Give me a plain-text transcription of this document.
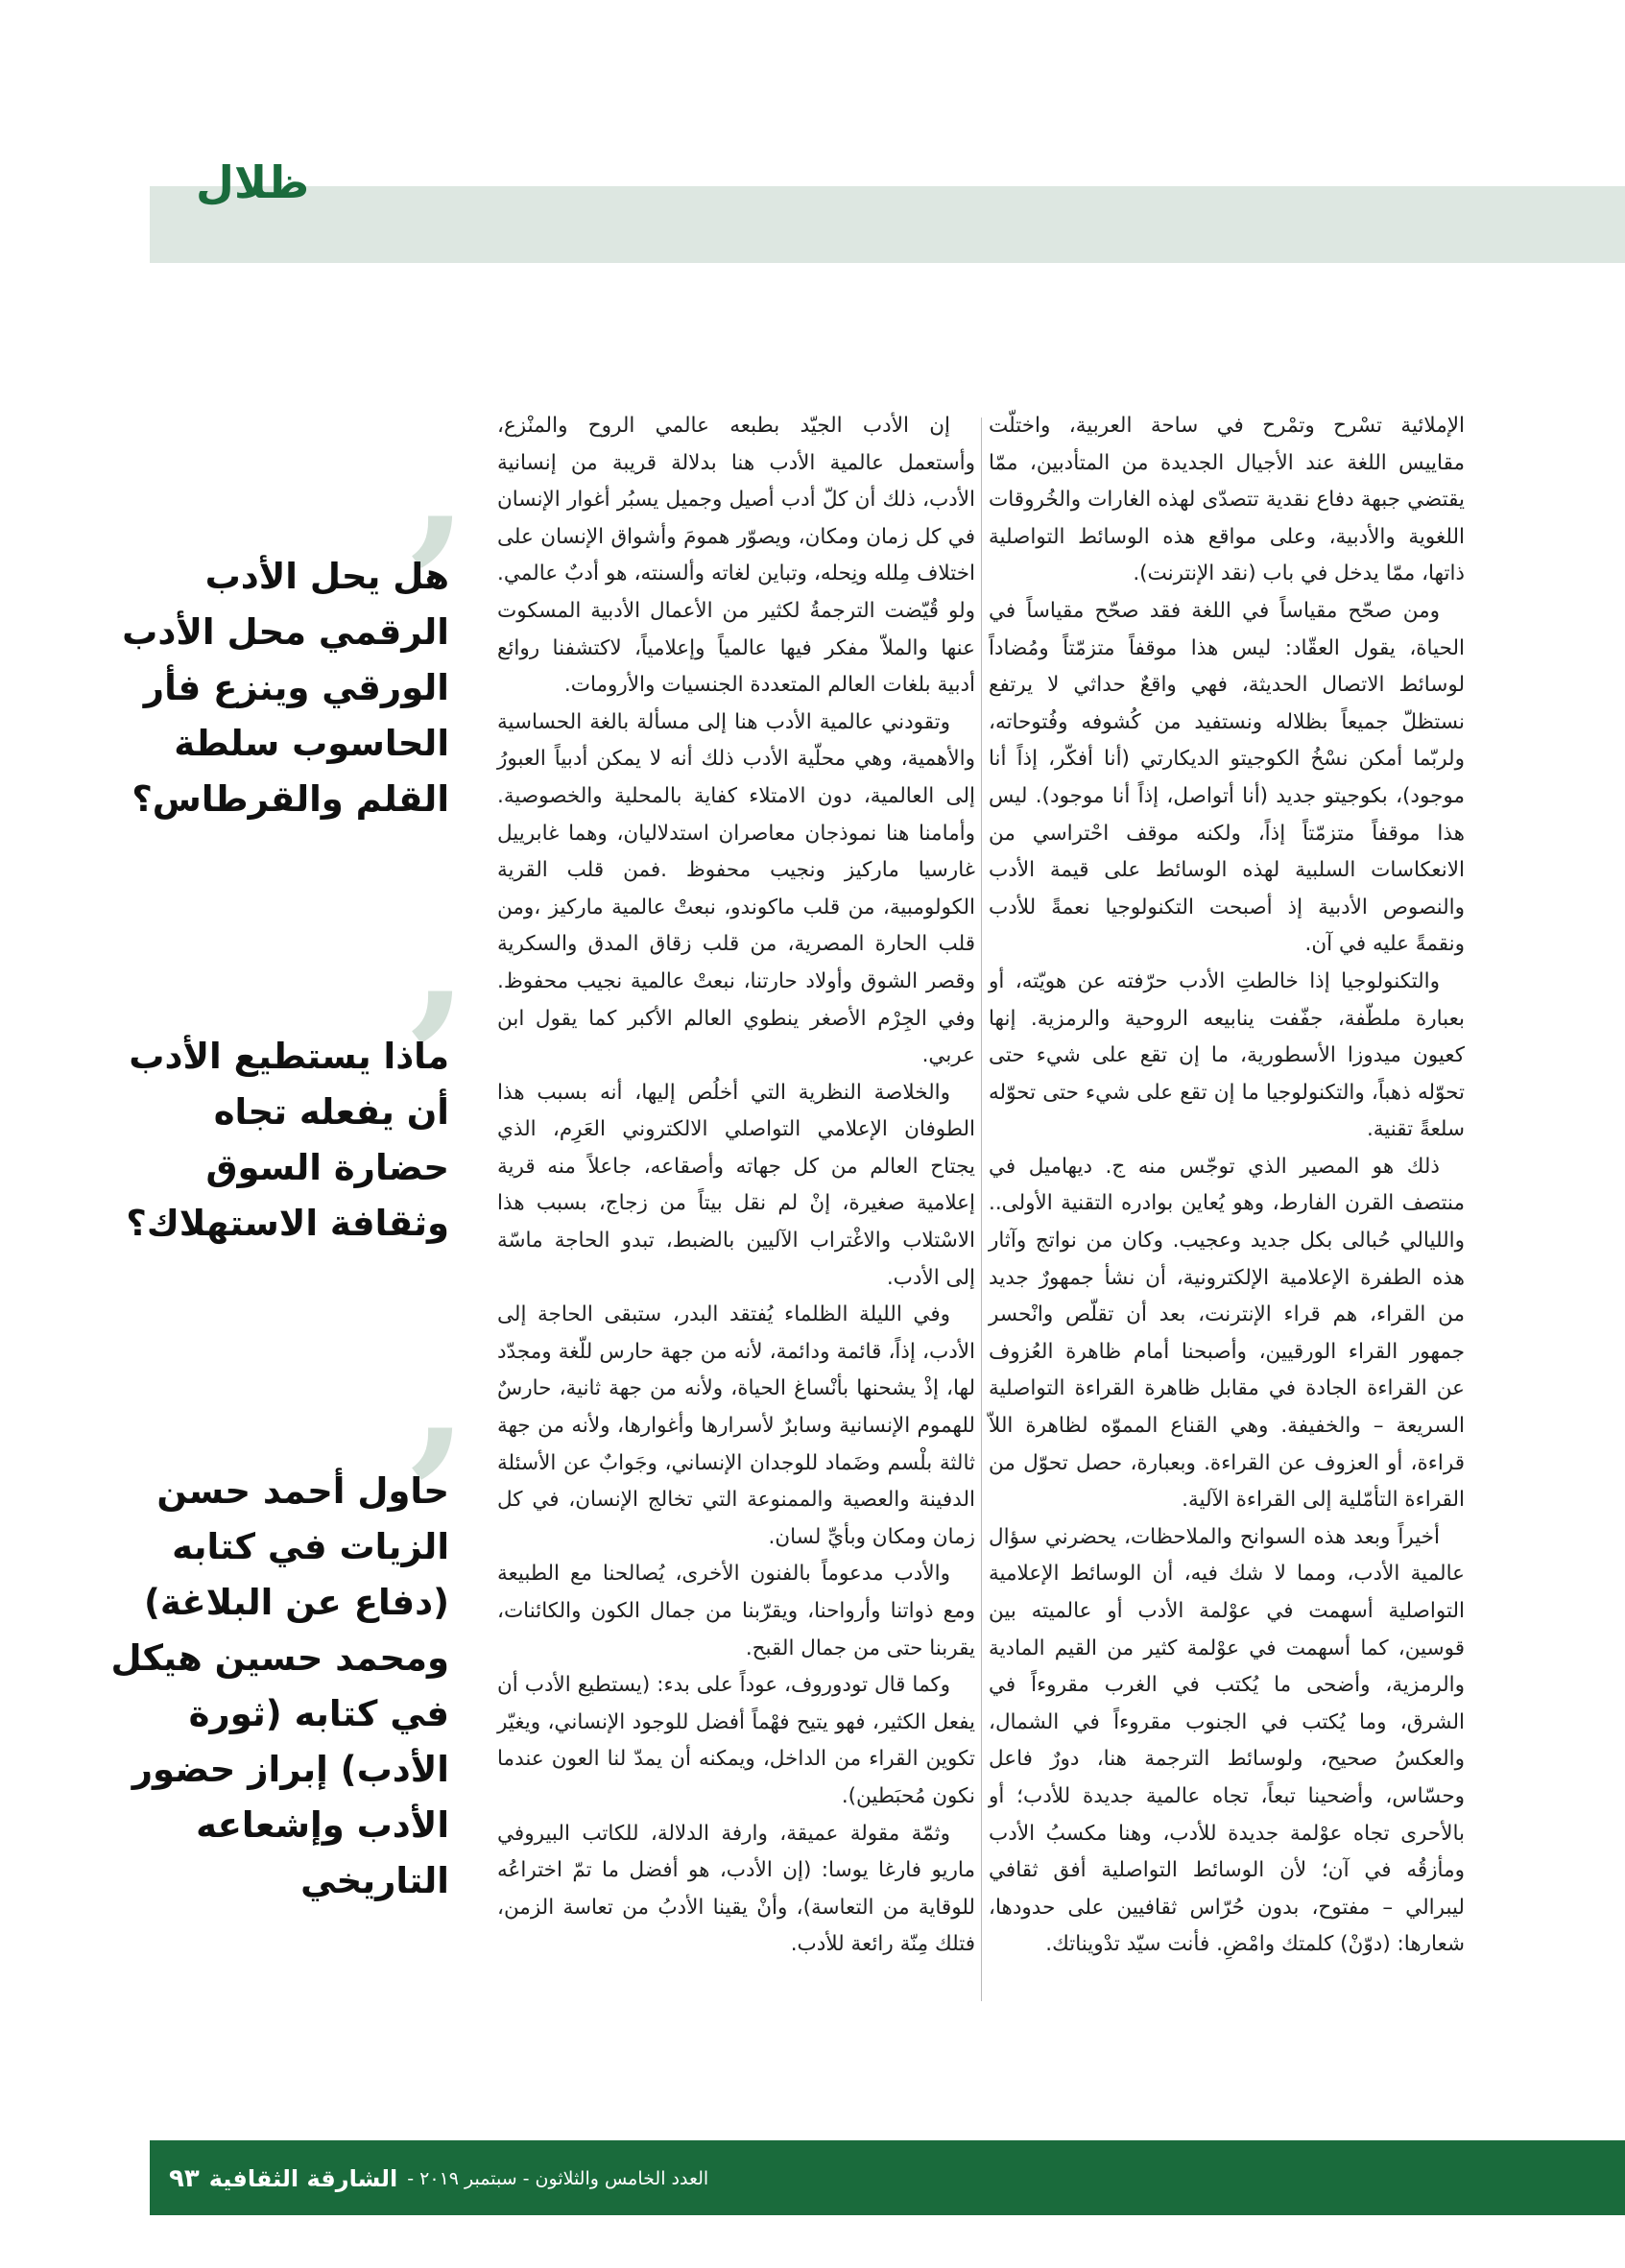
ظلال

الإملائية تسْرح وتمْرح في ساحة العربية، واختلّت مقاييس اللغة عند الأجيال الجديدة من المتأدبين، ممّا يقتضي جبهة دفاع نقدية تتصدّى لهذه الغارات والخُروقات اللغوية والأدبية، وعلى مواقع هذه الوسائط التواصلية ذاتها، ممّا يدخل في باب (نقد الإنترنت).

ومن صحّح مقياساً في اللغة فقد صحّح مقياساً في الحياة، يقول العقّاد: ليس هذا موقفاً متزمّتاً ومُضاداً لوسائط الاتصال الحديثة، فهي واقعٌ حداثي لا يرتفع نستظلّ جميعاً بظلاله ونستفيد من كُشوفه وفُتوحاته، ولربّما أمكن نسْخُ الكوجيتو الديكارتي (أنا أفكّر، إذاً أنا موجود)، بكوجيتو جديد (أنا أتواصل، إذاً أنا موجود). ليس هذا موقفاً متزمّتاً إذاً، ولكنه موقف احْتراسي من الانعكاسات السلبية لهذه الوسائط على قيمة الأدب والنصوص الأدبية إذ أصبحت التكنولوجيا نعمةً للأدب ونقمةً عليه في آن.

والتكنولوجيا إذا خالطتِ الأدب حرّفته عن هويّته، أو بعبارة ملطّفة، جفّفت ينابيعه الروحية والرمزية. إنها كعيون ميدوزا الأسطورية، ما إن تقع على شيء حتى تحوّله ذهباً، والتكنولوجيا ما إن تقع على شيء حتى تحوّله سلعةً تقنية.

ذلك هو المصير الذي توجّس منه ج. ديهاميل في منتصف القرن الفارط، وهو يُعاين بوادره التقنية الأولى.. والليالي حُبالى بكل جديد وعجيب. وكان من نواتج وآثار هذه الطفرة الإعلامية الإلكترونية، أن نشأ جمهورٌ جديد من القراء، هم قراء الإنترنت، بعد أن تقلّص وانْحسر جمهور القراء الورقيين، وأصبحنا أمام ظاهرة العُزوف عن القراءة الجادة في مقابل ظاهرة القراءة التواصلية السريعة – والخفيفة. وهي القناع المموّه لظاهرة اللاّ قراءة، أو العزوف عن القراءة. وبعبارة، حصل تحوّل من القراءة التأمّلية إلى القراءة الآلية.

أخيراً وبعد هذه السوانح والملاحظات، يحضرني سؤال عالمية الأدب، ومما لا شك فيه، أن الوسائط الإعلامية التواصلية أسهمت في عوْلمة الأدب أو عالميته بين قوسين، كما أسهمت في عوْلمة كثير من القيم المادية والرمزية، وأضحى ما يُكتب في الغرب مقروءاً في الشرق، وما يُكتب في الجنوب مقروءاً في الشمال، والعكسُ صحيح، ولوسائط الترجمة هنا، دورٌ فاعل وحسّاس، وأضحينا تبعاً، تجاه عالمية جديدة للأدب؛ أو بالأحرى تجاه عوْلمة جديدة للأدب، وهنا مكسبُ الأدب ومأزقُه في آن؛ لأن الوسائط التواصلية أفق ثقافي ليبرالي – مفتوح، بدون حُرّاس ثقافيين على حدودها، شعارها: (دوّنْ) كلمتك وامْضِ. فأنت سيّد تدْويناتك.

إن الأدب الجيّد بطبعه عالمي الروح والمنْزع، وأستعمل عالمية الأدب هنا بدلالة قريبة من إنسانية الأدب، ذلك أن كلّ أدب أصيل وجميل يسبُر أغوار الإنسان في كل زمان ومكان، ويصوّر همومَ وأشواق الإنسان على اختلاف مِلله ونِحله، وتباين لغاته وألسنته، هو أدبٌ عالمي. ولو قُيّضت الترجمةُ لكثير من الأعمال الأدبية المسكوت عنها والملاّ مفكر فيها عالمياً وإعلامياً، لاكتشفنا روائع أدبية بلغات العالم المتعددة الجنسيات والأرومات.

وتقودني عالمية الأدب هنا إلى مسألة بالغة الحساسية والأهمية، وهي محلّية الأدب ذلك أنه لا يمكن أدبياً العبورُ إلى العالمية، دون الامتلاء كفاية بالمحلية والخصوصية. وأمامنا هنا نموذجان معاصران استدلاليان، وهما غابرييل غارسيا ماركيز ونجيب محفوظ .فمن قلب القرية الكولومبية، من قلب ماكوندو، نبعتْ عالمية ماركيز ،ومن قلب الحارة المصرية، من قلب زقاق المدق والسكرية وقصر الشوق وأولاد حارتنا، نبعتْ عالمية نجيب محفوظ. وفي الجِرْم الأصغر ينطوي العالم الأكبر كما يقول ابن عربي.

والخلاصة النظرية التي أخلُص إليها، أنه بسبب هذا الطوفان الإعلامي التواصلي الالكتروني العَرِم، الذي يجتاح العالم من كل جهاته وأصقاعه، جاعلاً منه قرية إعلامية صغيرة، إنْ لم نقل بيتاً من زجاج، بسبب هذا الاسْتلاب والاغْتراب الآليين بالضبط، تبدو الحاجة ماسّة إلى الأدب.

وفي الليلة الظلماء يُفتقد البدر، ستبقى الحاجة إلى الأدب، إذاً، قائمة ودائمة، لأنه من جهة حارس للّغة ومجدّد لها، إذْ يشحنها بأنْساغ الحياة، ولأنه من جهة ثانية، حارسٌ للهموم الإنسانية وسابرٌ لأسرارها وأغوارها، ولأنه من جهة ثالثة بلْسم وضَماد للوجدان الإنساني، وجَوابٌ عن الأسئلة الدفينة والعصية والممنوعة التي تخالج الإنسان، في كل زمان ومكان وبأيِّ لسان.

والأدب مدعوماً بالفنون الأخرى، يُصالحنا مع الطبيعة ومع ذواتنا وأرواحنا، ويقرّبنا من جمال الكون والكائنات، يقربنا حتى من جمال القبح.

وكما قال تودوروف، عوداً على بدء: (يستطيع الأدب أن يفعل الكثير، فهو يتيح فهْماً أفضل للوجود الإنساني، ويغيّر تكوين القراء من الداخل، ويمكنه أن يمدّ لنا العون عندما نكون مُحبَطين).

وثمّة مقولة عميقة، وارفة الدلالة، للكاتب البيروفي ماريو فارغا يوسا: (إن الأدب، هو أفضل ما تمّ اختراعُه للوقاية من التعاسة)، وأنْ يقينا الأدبُ من تعاسة الزمن، فتلك مِنّة رائعة للأدب.

’
هل يحل الأدب الرقمي محل الأدب الورقي وينزع فأر الحاسوب سلطة القلم والقرطاس؟
’
ماذا يستطيع الأدب أن يفعله تجاه حضارة السوق وثقافة الاستهلاك؟
’
حاول أحمد حسن الزيات في كتابه (دفاع عن البلاغة) ومحمد حسين هيكل في كتابه (ثورة الأدب) إبراز حضور الأدب وإشعاعه التاريخي
العدد الخامس والثلاثون - سبتمبر ٢٠١٩ -
الشارقة الثقافية
٩٣
